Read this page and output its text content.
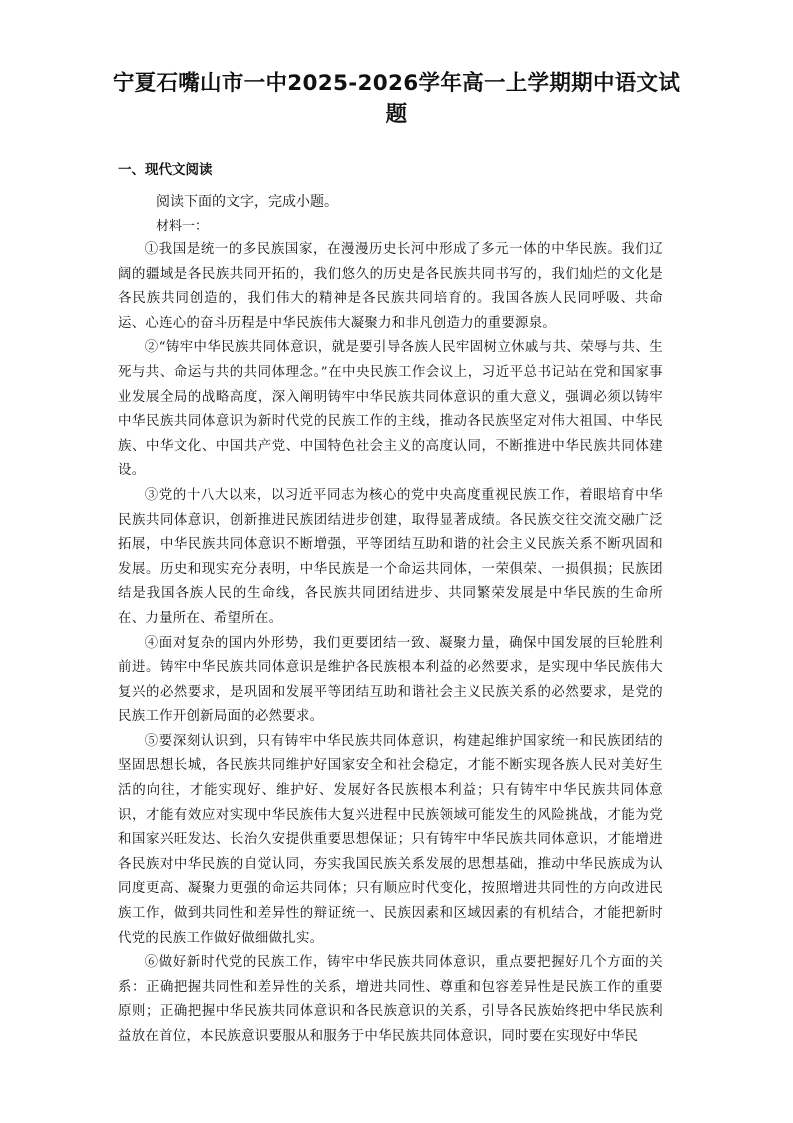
宁夏石嘴山市一中2025-2026学年高一上学期期中语文试题
一、现代文阅读

阅读下面的文字，完成小题。

材料一：

①我国是统一的多民族国家，在漫漫历史长河中形成了多元一体的中华民族。我们辽阔的疆域是各民族共同开拓的，我们悠久的历史是各民族共同书写的，我们灿烂的文化是各民族共同创造的，我们伟大的精神是各民族共同培育的。我国各族人民同呼吸、共命运、心连心的奋斗历程是中华民族伟大凝聚力和非凡创造力的重要源泉。

②“铸牢中华民族共同体意识，就是要引导各族人民牢固树立休戚与共、荣辱与共、生死与共、命运与共的共同体理念。”在中央民族工作会议上，习近平总书记站在党和国家事业发展全局的战略高度，深入阐明铸牢中华民族共同体意识的重大意义，强调必须以铸牢中华民族共同体意识为新时代党的民族工作的主线，推动各民族坚定对伟大祖国、中华民族、中华文化、中国共产党、中国特色社会主义的高度认同，不断推进中华民族共同体建设。

③党的十八大以来，以习近平同志为核心的党中央高度重视民族工作，着眼培育中华民族共同体意识，创新推进民族团结进步创建，取得显著成绩。各民族交往交流交融广泛拓展，中华民族共同体意识不断增强，平等团结互助和谐的社会主义民族关系不断巩固和发展。历史和现实充分表明，中华民族是一个命运共同体，一荣俱荣、一损俱损；民族团结是我国各族人民的生命线，各民族共同团结进步、共同繁荣发展是中华民族的生命所在、力量所在、希望所在。

④面对复杂的国内外形势，我们更要团结一致、凝聚力量，确保中国发展的巨轮胜利前进。铸牢中华民族共同体意识是维护各民族根本利益的必然要求，是实现中华民族伟大复兴的必然要求，是巩固和发展平等团结互助和谐社会主义民族关系的必然要求，是党的民族工作开创新局面的必然要求。

⑤要深刻认识到，只有铸牢中华民族共同体意识，构建起维护国家统一和民族团结的坚固思想长城，各民族共同维护好国家安全和社会稳定，才能不断实现各族人民对美好生活的向往，才能实现好、维护好、发展好各民族根本利益；只有铸牢中华民族共同体意识，才能有效应对实现中华民族伟大复兴进程中民族领域可能发生的风险挑战，才能为党和国家兴旺发达、长治久安提供重要思想保证；只有铸牢中华民族共同体意识，才能增进各民族对中华民族的自觉认同，夯实我国民族关系发展的思想基础，推动中华民族成为认同度更高、凝聚力更强的命运共同体；只有顺应时代变化，按照增进共同性的方向改进民族工作，做到共同性和差异性的辩证统一、民族因素和区域因素的有机结合，才能把新时代党的民族工作做好做细做扎实。

⑥做好新时代党的民族工作，铸牢中华民族共同体意识，重点要把握好几个方面的关系：正确把握共同性和差异性的关系，增进共同性、尊重和包容差异性是民族工作的重要原则；正确把握中华民族共同体意识和各民族意识的关系，引导各民族始终把中华民族利益放在首位，本民族意识要服从和服务于中华民族共同体意识，同时要在实现好中华民
